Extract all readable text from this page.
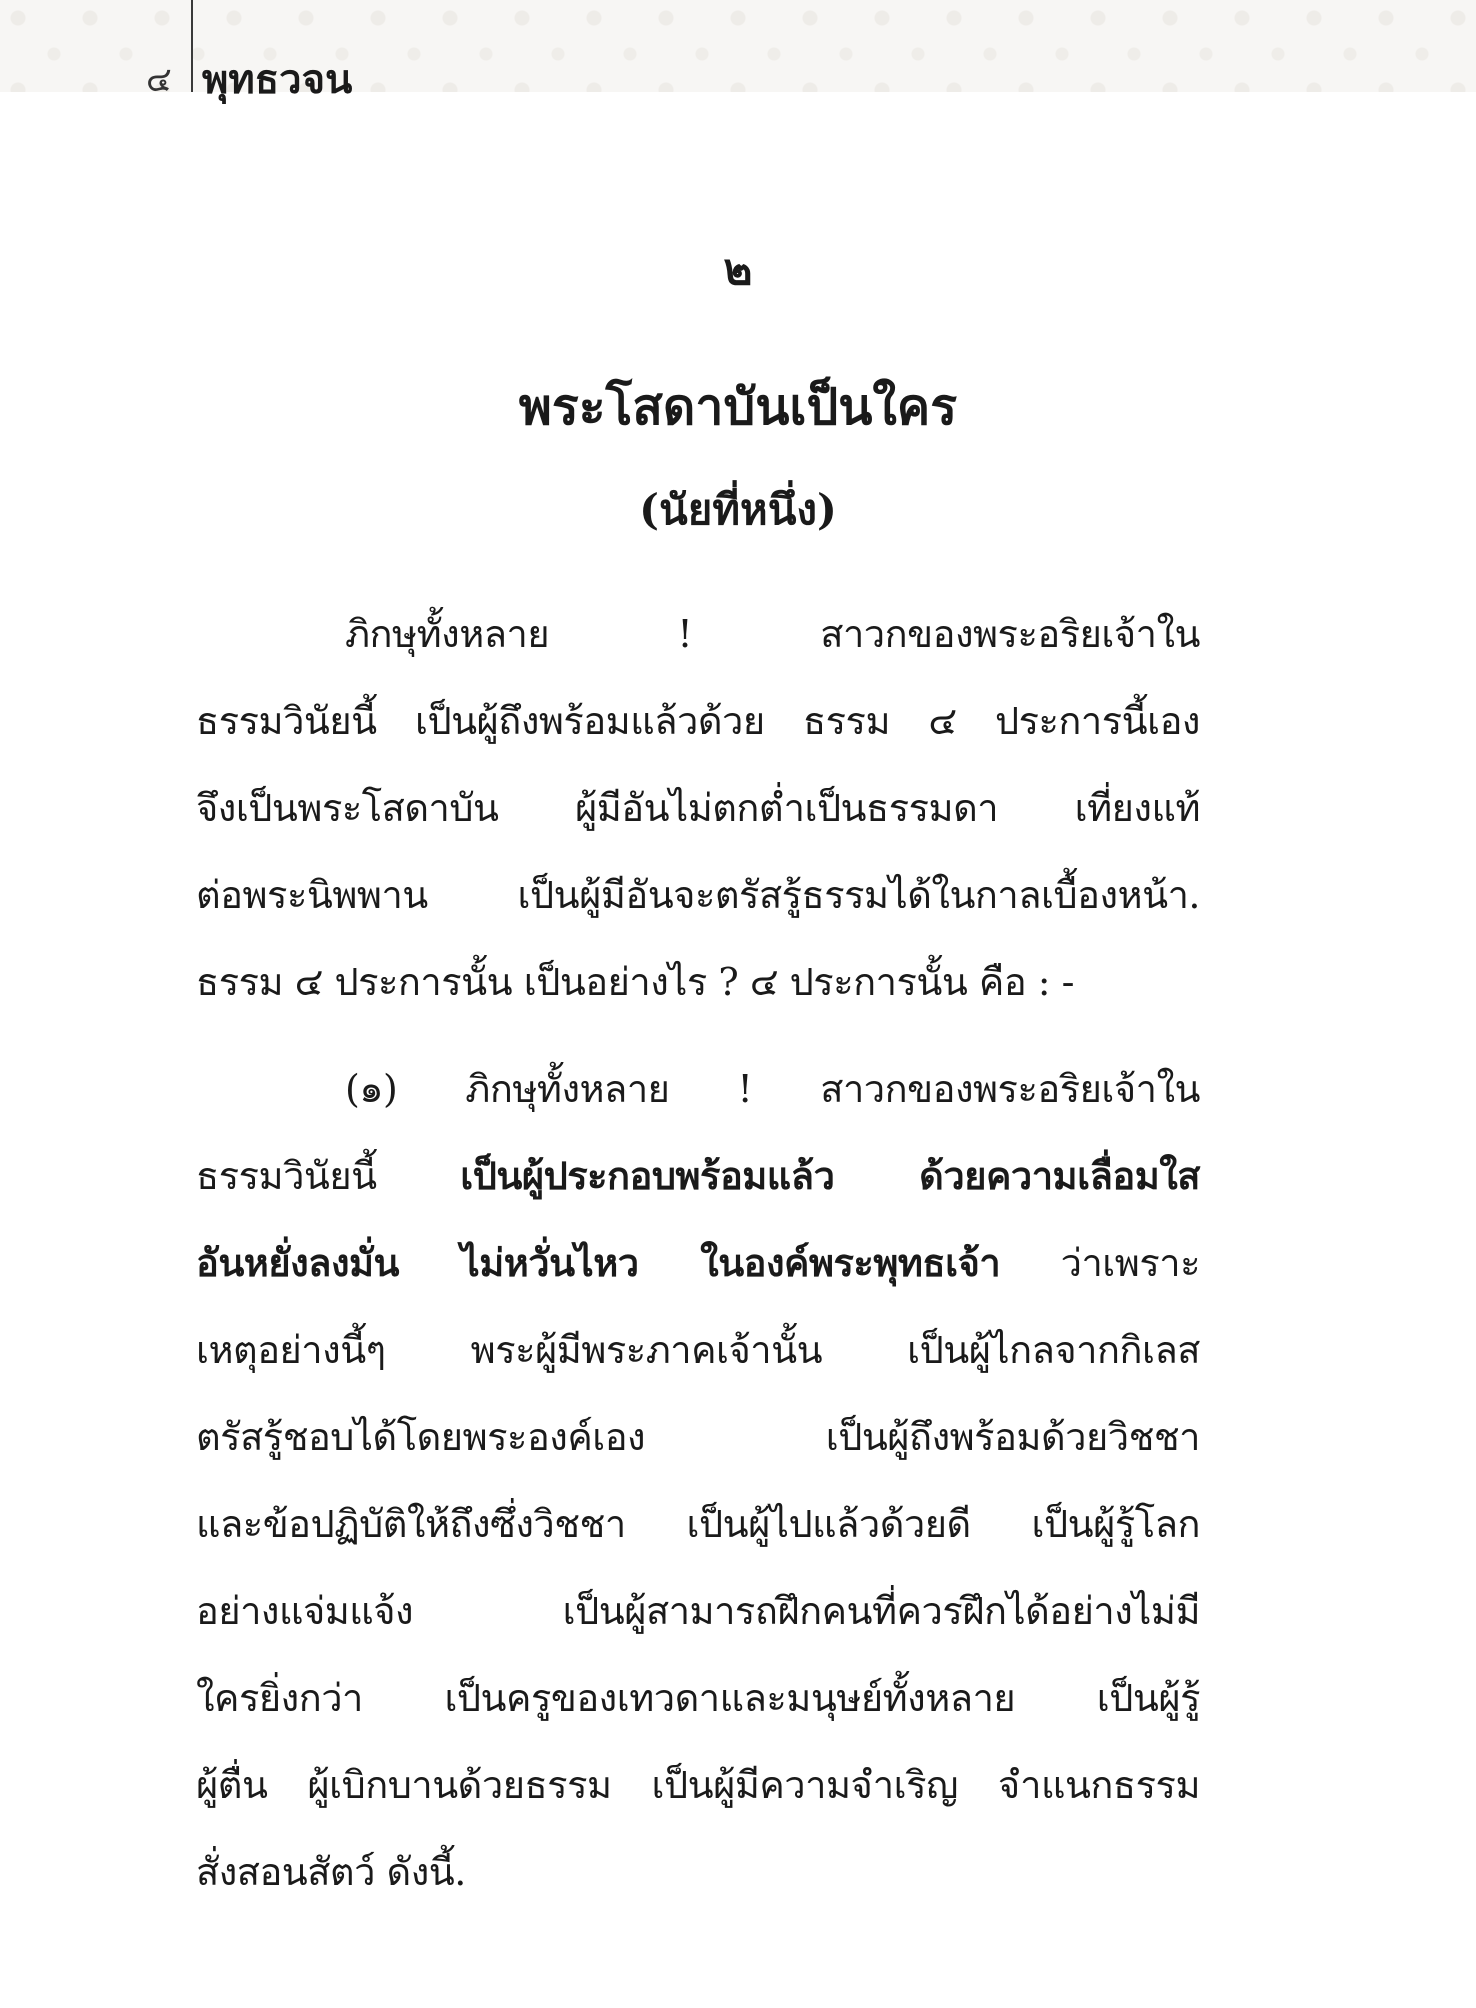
๔ พุทธวจน
๒
พระโสดาบันเป็นใคร
(นัยที่หนึ่ง)
ภิกษุทั้งหลาย ! สาวกของพระอริยเจ้าใน
ธรรมวินัยนี้ เป็นผู้ถึงพร้อมแล้วด้วย ธรรม ๔ ประการนี้เอง
จึงเป็นพระโสดาบัน ผู้มีอันไม่ตกต่ำเป็นธรรมดา เที่ยงแท้
ต่อพระนิพพาน เป็นผู้มีอันจะตรัสรู้ธรรมได้ในกาลเบื้องหน้า.
ธรรม ๔ ประการนั้น เป็นอย่างไร ? ๔ ประการนั้น คือ : -
(๑) ภิกษุทั้งหลาย ! สาวกของพระอริยเจ้าใน
ธรรมวินัยนี้ เป็นผู้ประกอบพร้อมแล้ว ด้วยความเลื่อมใส
อันหยั่งลงมั่น ไม่หวั่นไหว ในองค์พระพุทธเจ้า ว่าเพราะ
เหตุอย่างนี้ๆ พระผู้มีพระภาคเจ้านั้น เป็นผู้ไกลจากกิเลส
ตรัสรู้ชอบได้โดยพระองค์เอง เป็นผู้ถึงพร้อมด้วยวิชชา
และข้อปฏิบัติให้ถึงซึ่งวิชชา เป็นผู้ไปแล้วด้วยดี เป็นผู้รู้โลก
อย่างแจ่มแจ้ง เป็นผู้สามารถฝึกคนที่ควรฝึกได้อย่างไม่มี
ใครยิ่งกว่า เป็นครูของเทวดาและมนุษย์ทั้งหลาย เป็นผู้รู้
ผู้ตื่น ผู้เบิกบานด้วยธรรม เป็นผู้มีความจำเริญ จำแนกธรรม
สั่งสอนสัตว์ ดังนี้.
